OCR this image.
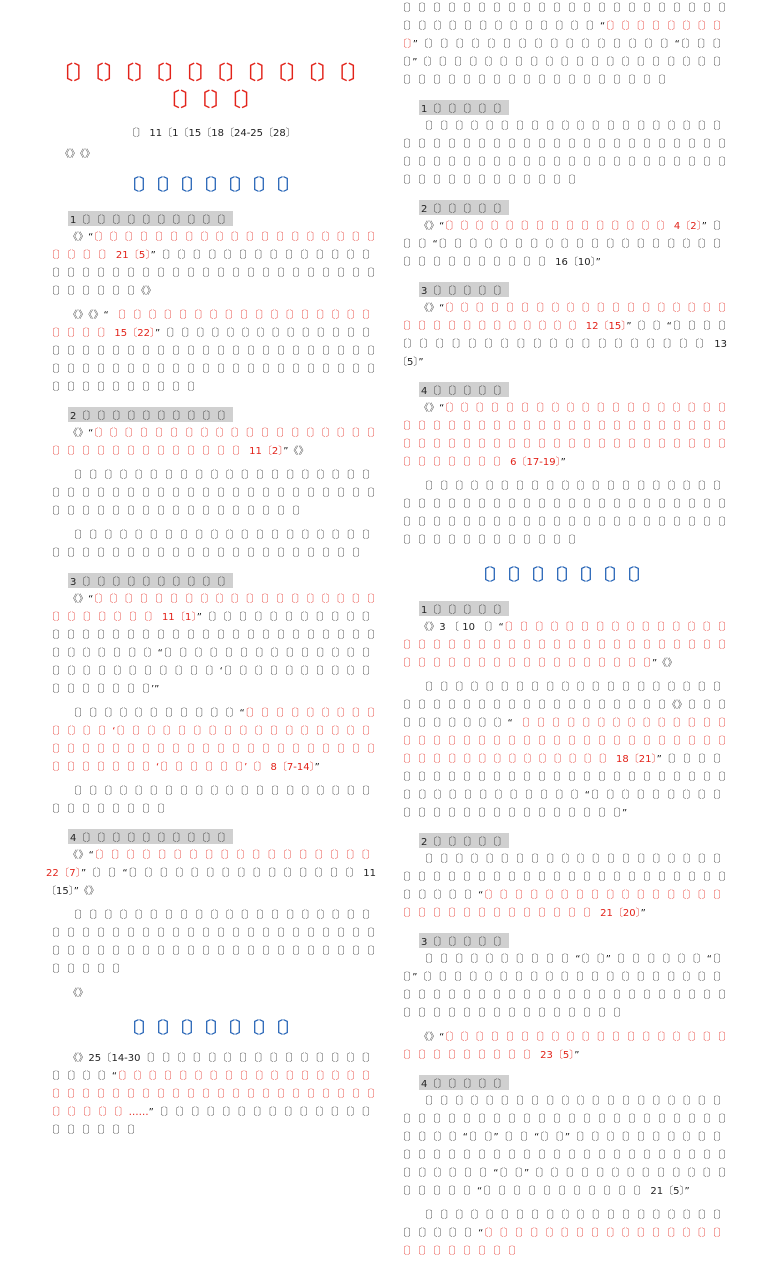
〔〕〔〕〔〕〔〕〔〕〔〕〔〕〔〕〔〕〔〕〔〕〔〕〔〕
〔〕 11〔1〔15〔18〔24-25〔28〕
《》《》
〔〕〔〕〔〕〔〕〔〕〔〕〔〕
1〔〕〔〕〔〕〔〕〔〕〔〕〔〕〔〕〔〕〔〕

《》“〔〕〔〕〔〕〔〕〔〕〔〕〔〕〔〕〔〕〔〕〔〕〔〕〔〕〔〕〔〕〔〕〔〕〔〕〔〕〔〕〔〕〔〕〔〕 21〔5〕”〔〕〔〕〔〕〔〕〔〕〔〕〔〕〔〕〔〕〔〕〔〕〔〕〔〕〔〕〔〕〔〕〔〕〔〕〔〕〔〕〔〕〔〕〔〕〔〕〔〕〔〕〔〕〔〕〔〕〔〕〔〕〔〕〔〕〔〕〔〕〔〕〔〕〔〕〔〕〔〕〔〕〔〕《》

《》《》“ 〔〕〔〕〔〕〔〕〔〕〔〕〔〕〔〕〔〕〔〕〔〕〔〕〔〕〔〕〔〕〔〕〔〕〔〕〔〕〔〕〔〕 15〔22〕”〔〕〔〕〔〕〔〕〔〕〔〕〔〕〔〕〔〕〔〕〔〕〔〕〔〕〔〕〔〕〔〕〔〕〔〕〔〕〔〕〔〕〔〕〔〕〔〕〔〕〔〕〔〕〔〕〔〕〔〕〔〕〔〕〔〕〔〕〔〕〔〕〔〕〔〕〔〕〔〕〔〕〔〕〔〕〔〕〔〕〔〕〔〕〔〕〔〕〔〕〔〕〔〕〔〕〔〕〔〕〔〕〔〕〔〕〔〕〔〕〔〕〔〕〔〕〔〕〔〕〔〕〔〕〔〕

2〔〕〔〕〔〕〔〕〔〕〔〕〔〕〔〕〔〕〔〕

《》“〔〕〔〕〔〕〔〕〔〕〔〕〔〕〔〕〔〕〔〕〔〕〔〕〔〕〔〕〔〕〔〕〔〕〔〕〔〕〔〕〔〕〔〕〔〕〔〕〔〕〔〕〔〕〔〕〔〕〔〕〔〕〔〕 11〔2〕”《》

〔〕〔〕〔〕〔〕〔〕〔〕〔〕〔〕〔〕〔〕〔〕〔〕〔〕〔〕〔〕〔〕〔〕〔〕〔〕〔〕〔〕〔〕〔〕〔〕〔〕〔〕〔〕〔〕〔〕〔〕〔〕〔〕〔〕〔〕〔〕〔〕〔〕〔〕〔〕〔〕〔〕〔〕〔〕〔〕〔〕〔〕〔〕〔〕〔〕〔〕〔〕〔〕〔〕〔〕〔〕〔〕〔〕〔〕〔〕

〔〕〔〕〔〕〔〕〔〕〔〕〔〕〔〕〔〕〔〕〔〕〔〕〔〕〔〕〔〕〔〕〔〕〔〕〔〕〔〕〔〕〔〕〔〕〔〕〔〕〔〕〔〕〔〕〔〕〔〕〔〕〔〕〔〕〔〕〔〕〔〕〔〕〔〕〔〕〔〕〔〕

3〔〕〔〕〔〕〔〕〔〕〔〕〔〕〔〕〔〕〔〕

《》“〔〕〔〕〔〕〔〕〔〕〔〕〔〕〔〕〔〕〔〕〔〕〔〕〔〕〔〕〔〕〔〕〔〕〔〕〔〕〔〕〔〕〔〕〔〕〔〕〔〕〔〕 11〔1〕”〔〕〔〕〔〕〔〕〔〕〔〕〔〕〔〕〔〕〔〕〔〕〔〕〔〕〔〕〔〕〔〕〔〕〔〕〔〕〔〕〔〕〔〕〔〕〔〕〔〕〔〕〔〕〔〕〔〕〔〕〔〕〔〕〔〕〔〕〔〕〔〕〔〕〔〕〔〕〔〕“〔〕〔〕〔〕〔〕〔〕〔〕〔〕〔〕〔〕〔〕〔〕〔〕〔〕〔〕〔〕〔〕〔〕〔〕〔〕〔〕〔〕〔〕〔〕〔〕〔〕‘〔〕〔〕〔〕〔〕〔〕〔〕〔〕〔〕〔〕〔〕〔〕〔〕〔〕〔〕〔〕〔〕〔〕’”

〔〕〔〕〔〕〔〕〔〕〔〕〔〕〔〕〔〕〔〕〔〕“〔〕〔〕〔〕〔〕〔〕〔〕〔〕〔〕〔〕〔〕〔〕〔〕〔〕‘〔〕〔〕〔〕〔〕〔〕〔〕〔〕〔〕〔〕〔〕〔〕〔〕〔〕〔〕〔〕〔〕〔〕〔〕〔〕〔〕〔〕〔〕〔〕〔〕〔〕〔〕〔〕〔〕〔〕〔〕〔〕〔〕〔〕〔〕〔〕〔〕〔〕〔〕〔〕〔〕〔〕〔〕〔〕〔〕〔〕〔〕‘〔〕〔〕〔〕〔〕〔〕〔〕’〔〕 8〔7-14〕”

〔〕〔〕〔〕〔〕〔〕〔〕〔〕〔〕〔〕〔〕〔〕〔〕〔〕〔〕〔〕〔〕〔〕〔〕〔〕〔〕〔〕〔〕〔〕〔〕〔〕〔〕〔〕〔〕

4〔〕〔〕〔〕〔〕〔〕〔〕〔〕〔〕〔〕〔〕

《》“〔〕〔〕〔〕〔〕〔〕〔〕〔〕〔〕〔〕〔〕〔〕〔〕〔〕〔〕〔〕〔〕〔〕〔〕 22〔7〕”〔〕〔〕“〔〕〔〕〔〕〔〕〔〕〔〕〔〕〔〕〔〕〔〕〔〕〔〕〔〕〔〕〔〕 11〔15〕”《》

〔〕〔〕〔〕〔〕〔〕〔〕〔〕〔〕〔〕〔〕〔〕〔〕〔〕〔〕〔〕〔〕〔〕〔〕〔〕〔〕〔〕〔〕〔〕〔〕〔〕〔〕〔〕〔〕〔〕〔〕〔〕〔〕〔〕〔〕〔〕〔〕〔〕〔〕〔〕〔〕〔〕〔〕〔〕〔〕〔〕〔〕〔〕〔〕〔〕〔〕〔〕〔〕〔〕〔〕〔〕〔〕〔〕〔〕〔〕〔〕〔〕〔〕〔〕〔〕〔〕〔〕〔〕〔〕〔〕

《》

〔〕〔〕〔〕〔〕〔〕〔〕〔〕

《》25〔14-30〔〕〔〕〔〕〔〕〔〕〔〕〔〕〔〕〔〕〔〕〔〕〔〕〔〕〔〕〔〕〔〕〔〕〔〕〔〕“〔〕〔〕〔〕〔〕〔〕〔〕〔〕〔〕〔〕〔〕〔〕〔〕〔〕〔〕〔〕〔〕〔〕〔〕〔〕〔〕〔〕〔〕〔〕〔〕〔〕〔〕〔〕〔〕〔〕〔〕〔〕〔〕〔〕〔〕〔〕〔〕〔〕〔〕〔〕〔〕〔〕〔〕〔〕〔〕……”〔〕〔〕〔〕〔〕〔〕〔〕〔〕〔〕〔〕〔〕〔〕〔〕〔〕〔〕〔〕〔〕〔〕〔〕〔〕〔〕

〔〕〔〕〔〕〔〕〔〕〔〕〔〕〔〕〔〕〔〕〔〕〔〕〔〕〔〕〔〕〔〕〔〕〔〕〔〕〔〕〔〕〔〕〔〕〔〕〔〕〔〕〔〕〔〕〔〕〔〕〔〕〔〕〔〕〔〕〔〕“〔〕〔〕〔〕〔〕〔〕〔〕〔〕〔〕〔〕”〔〕〔〕〔〕〔〕〔〕〔〕〔〕〔〕〔〕〔〕〔〕〔〕〔〕〔〕〔〕〔〕“〔〕〔〕〔〕〔〕”〔〕〔〕〔〕〔〕〔〕〔〕〔〕〔〕〔〕〔〕〔〕〔〕〔〕〔〕〔〕〔〕〔〕〔〕〔〕〔〕〔〕〔〕〔〕〔〕〔〕〔〕〔〕〔〕〔〕〔〕〔〕〔〕〔〕〔〕〔〕〔〕〔〕〔〕

1〔〕〔〕〔〕〔〕〔〕

〔〕〔〕〔〕〔〕〔〕〔〕〔〕〔〕〔〕〔〕〔〕〔〕〔〕〔〕〔〕〔〕〔〕〔〕〔〕〔〕〔〕〔〕〔〕〔〕〔〕〔〕〔〕〔〕〔〕〔〕〔〕〔〕〔〕〔〕〔〕〔〕〔〕〔〕〔〕〔〕〔〕〔〕〔〕〔〕〔〕〔〕〔〕〔〕〔〕〔〕〔〕〔〕〔〕〔〕〔〕〔〕〔〕〔〕〔〕〔〕〔〕〔〕〔〕〔〕〔〕〔〕〔〕〔〕〔〕〔〕〔〕〔〕〔〕〔〕〔〕〔〕

2〔〕〔〕〔〕〔〕〔〕

《》“〔〕〔〕〔〕〔〕〔〕〔〕〔〕〔〕〔〕〔〕〔〕〔〕〔〕〔〕〔〕 4〔2〕”〔〕〔〕〔〕“〔〕〔〕〔〕〔〕〔〕〔〕〔〕〔〕〔〕〔〕〔〕〔〕〔〕〔〕〔〕〔〕〔〕〔〕〔〕〔〕〔〕〔〕〔〕〔〕〔〕〔〕〔〕〔〕〔〕 16〔10〕”

3〔〕〔〕〔〕〔〕〔〕

《》“〔〕〔〕〔〕〔〕〔〕〔〕〔〕〔〕〔〕〔〕〔〕〔〕〔〕〔〕〔〕〔〕〔〕〔〕〔〕〔〕〔〕〔〕〔〕〔〕〔〕〔〕〔〕〔〕〔〕〔〕〔〕 12〔15〕”〔〕〔〕“〔〕〔〕〔〕〔〕〔〕〔〕〔〕〔〕〔〕〔〕〔〕〔〕〔〕〔〕〔〕〔〕〔〕〔〕〔〕〔〕〔〕〔〕〔〕 13〔5〕”

4〔〕〔〕〔〕〔〕〔〕

《》“〔〕〔〕〔〕〔〕〔〕〔〕〔〕〔〕〔〕〔〕〔〕〔〕〔〕〔〕〔〕〔〕〔〕〔〕〔〕〔〕〔〕〔〕〔〕〔〕〔〕〔〕〔〕〔〕〔〕〔〕〔〕〔〕〔〕〔〕〔〕〔〕〔〕〔〕〔〕〔〕〔〕〔〕〔〕〔〕〔〕〔〕〔〕〔〕〔〕〔〕〔〕〔〕〔〕〔〕〔〕〔〕〔〕〔〕〔〕〔〕〔〕〔〕〔〕〔〕〔〕〔〕〔〕〔〕〔〕〔〕 6〔17-19〕”

〔〕〔〕〔〕〔〕〔〕〔〕〔〕〔〕〔〕〔〕〔〕〔〕〔〕〔〕〔〕〔〕〔〕〔〕〔〕〔〕〔〕〔〕〔〕〔〕〔〕〔〕〔〕〔〕〔〕〔〕〔〕〔〕〔〕〔〕〔〕〔〕〔〕〔〕〔〕〔〕〔〕〔〕〔〕〔〕〔〕〔〕〔〕〔〕〔〕〔〕〔〕〔〕〔〕〔〕〔〕〔〕〔〕〔〕〔〕〔〕〔〕〔〕〔〕〔〕〔〕〔〕〔〕〔〕〔〕〔〕〔〕〔〕〔〕〔〕〔〕〔〕

〔〕〔〕〔〕〔〕〔〕〔〕〔〕
1〔〕〔〕〔〕〔〕〔〕

《》3 〔 10 〔〕“〔〕〔〕〔〕〔〕〔〕〔〕〔〕〔〕〔〕〔〕〔〕〔〕〔〕〔〕〔〕〔〕〔〕〔〕〔〕〔〕〔〕〔〕〔〕〔〕〔〕〔〕〔〕〔〕〔〕〔〕〔〕〔〕〔〕〔〕〔〕〔〕〔〕〔〕〔〕〔〕〔〕〔〕〔〕〔〕〔〕〔〕〔〕〔〕〔〕〔〕〔〕〔〕〔〕〔〕”《》

〔〕〔〕〔〕〔〕〔〕〔〕〔〕〔〕〔〕〔〕〔〕〔〕〔〕〔〕〔〕〔〕〔〕〔〕〔〕〔〕〔〕〔〕〔〕〔〕〔〕〔〕〔〕〔〕〔〕〔〕〔〕〔〕〔〕〔〕〔〕〔〕〔〕〔〕《》〔〕〔〕〔〕〔〕〔〕〔〕〔〕〔〕〔〕〔〕“ 〔〕〔〕〔〕〔〕〔〕〔〕〔〕〔〕〔〕〔〕〔〕〔〕〔〕〔〕〔〕〔〕〔〕〔〕〔〕〔〕〔〕〔〕〔〕〔〕〔〕〔〕〔〕〔〕〔〕〔〕〔〕〔〕〔〕〔〕〔〕〔〕〔〕〔〕〔〕〔〕〔〕〔〕〔〕〔〕〔〕〔〕〔〕〔〕〔〕〔〕 18〔21〕”〔〕〔〕〔〕〔〕〔〕〔〕〔〕〔〕〔〕〔〕〔〕〔〕〔〕〔〕〔〕〔〕〔〕〔〕〔〕〔〕〔〕〔〕〔〕〔〕〔〕〔〕〔〕〔〕〔〕〔〕〔〕〔〕〔〕〔〕〔〕〔〕〔〕〔〕“〔〕〔〕〔〕〔〕〔〕〔〕〔〕〔〕〔〕〔〕〔〕〔〕〔〕〔〕〔〕〔〕〔〕〔〕〔〕〔〕〔〕〔〕〔〕〔〕”

2〔〕〔〕〔〕〔〕〔〕

〔〕〔〕〔〕〔〕〔〕〔〕〔〕〔〕〔〕〔〕〔〕〔〕〔〕〔〕〔〕〔〕〔〕〔〕〔〕〔〕〔〕〔〕〔〕〔〕〔〕〔〕〔〕〔〕〔〕〔〕〔〕〔〕〔〕〔〕〔〕〔〕〔〕〔〕〔〕〔〕〔〕〔〕〔〕〔〕〔〕〔〕〔〕“〔〕〔〕〔〕〔〕〔〕〔〕〔〕〔〕〔〕〔〕〔〕〔〕〔〕〔〕〔〕〔〕〔〕〔〕〔〕〔〕〔〕〔〕〔〕〔〕〔〕〔〕〔〕〔〕〔〕 21〔20〕”

3〔〕〔〕〔〕〔〕〔〕

〔〕〔〕〔〕〔〕〔〕〔〕〔〕〔〕〔〕〔〕“〔〕〔〕”〔〕〔〕〔〕〔〕〔〕〔〕“〔〕〔〕”〔〕〔〕〔〕〔〕〔〕〔〕〔〕〔〕〔〕〔〕〔〕〔〕〔〕〔〕〔〕〔〕〔〕〔〕〔〕〔〕〔〕〔〕〔〕〔〕〔〕〔〕〔〕〔〕〔〕〔〕〔〕〔〕〔〕〔〕〔〕〔〕〔〕〔〕〔〕〔〕〔〕〔〕〔〕〔〕〔〕〔〕〔〕〔〕〔〕〔〕〔〕〔〕〔〕〔〕〔〕〔〕〔〕

《》“〔〕〔〕〔〕〔〕〔〕〔〕〔〕〔〕〔〕〔〕〔〕〔〕〔〕〔〕〔〕〔〕〔〕〔〕〔〕〔〕〔〕〔〕〔〕〔〕〔〕〔〕〔〕〔〕 23〔5〕”

4〔〕〔〕〔〕〔〕〔〕

〔〕〔〕〔〕〔〕〔〕〔〕〔〕〔〕〔〕〔〕〔〕〔〕〔〕〔〕〔〕〔〕〔〕〔〕〔〕〔〕〔〕〔〕〔〕〔〕〔〕〔〕〔〕〔〕〔〕〔〕〔〕〔〕〔〕〔〕〔〕〔〕〔〕〔〕〔〕〔〕〔〕〔〕〔〕〔〕〔〕〔〕“〔〕〔〕”〔〕〔〕“〔〕〔〕”〔〕〔〕〔〕〔〕〔〕〔〕〔〕〔〕〔〕〔〕〔〕〔〕〔〕〔〕〔〕〔〕〔〕〔〕〔〕〔〕〔〕〔〕〔〕〔〕〔〕〔〕〔〕〔〕〔〕〔〕〔〕〔〕〔〕〔〕〔〕〔〕〔〕〔〕“〔〕〔〕”〔〕〔〕〔〕〔〕〔〕〔〕〔〕〔〕〔〕〔〕〔〕〔〕〔〕〔〕〔〕〔〕〔〕〔〕“〔〕〔〕〔〕〔〕〔〕〔〕〔〕〔〕〔〕〔〕〔〕 21〔5〕”

〔〕〔〕〔〕〔〕〔〕〔〕〔〕〔〕〔〕〔〕〔〕〔〕〔〕〔〕〔〕〔〕〔〕〔〕〔〕〔〕〔〕〔〕〔〕〔〕〔〕“〔〕〔〕〔〕〔〕〔〕〔〕〔〕〔〕〔〕〔〕〔〕〔〕〔〕〔〕〔〕〔〕〔〕〔〕〔〕〔〕〔〕〔〕〔〕〔〕
